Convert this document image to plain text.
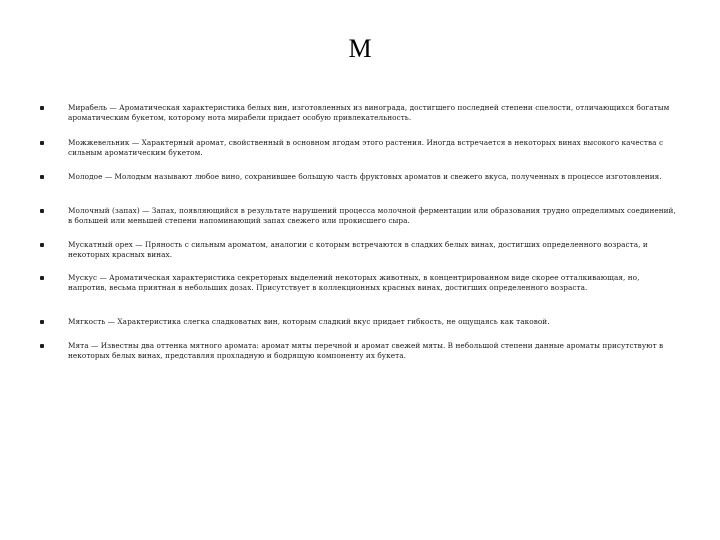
М
Мирабель — Ароматическая характеристика белых вин, изготовленных из винограда, достигшего последней степени спелости, отличающихся богатым ароматическим букетом, которому нота мирабели придает особую привлекательность.
Можжевельник — Характерный аромат, свойственный в основном ягодам этого растения. Иногда встречается в некоторых винах высокого качества с сильным ароматическим букетом.
Молодое — Молодым называют любое вино, сохранившее большую часть фруктовых ароматов и свежего вкуса, полученных в процессе изготовления.
Молочный (запах) — Запах, появляющийся в результате нарушений процесса молочной ферментации или образования трудно определимых соединений, в большей или меньшей степени напоминающий запах свежего или прокисшего сыра.
Мускатный орех — Пряность с сильным ароматом, аналогии с которым встречаются в сладких белых винах, достигших определенного возраста, и некоторых красных винах.
Мускус — Ароматическая характеристика секреторных выделений некоторых животных, в концентрированном виде скорее отталкивающая, но, напротив, весьма приятная в небольших дозах. Присутствует в коллекционных красных винах, достигших определенного возраста.
Мягкость — Характеристика слегка сладковатых вин, которым сладкий вкус придает гибкость, не ощущаясь как таковой.
Мята — Известны два оттенка мятного аромата: аромат мяты перечной и аромат свежей мяты. В небольшой степени данные ароматы присутствуют в некоторых белых винах, представляя прохладную и бодрящую компоненту их букета.
